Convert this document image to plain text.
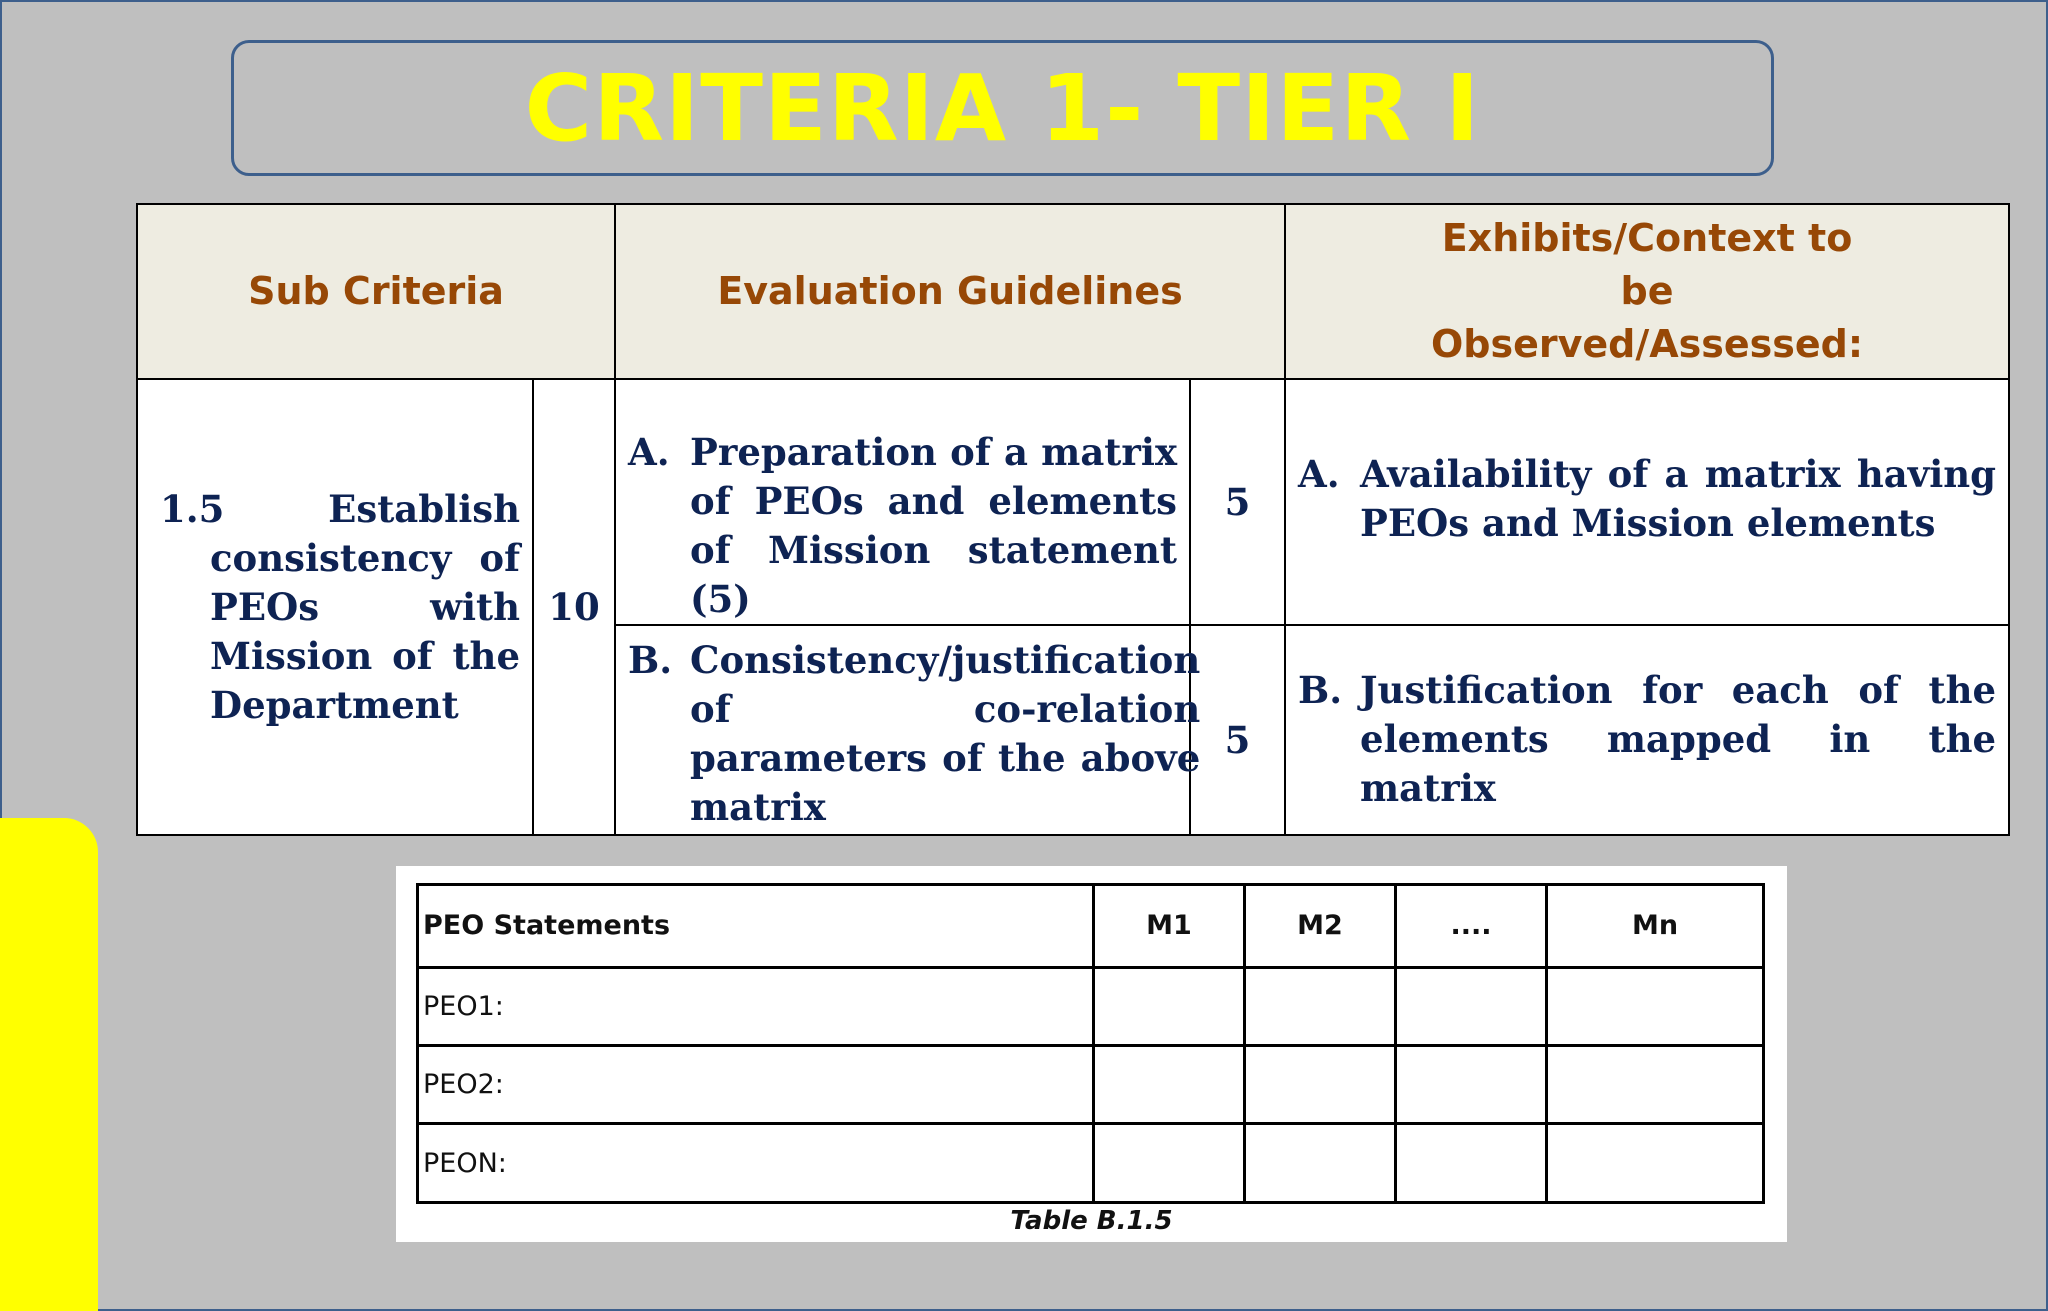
CRITERIA 1- TIER I
Sub Criteria		Evaluation Guidelines		Exhibits/Context to be Observed/Assessed:

1.5 Establish consistency of PEOs with Mission of the Department	10	A. Preparation of a matrix of PEOs and elements of Mission statement (5)	5	A. Availability of a matrix having PEOs and Mission elements

		B. Consistency/justification of co-relation parameters of the above matrix	5	B. Justification for each of the elements mapped in the matrix
PEO Statements	M1	M2	....	Mn
PEO1:				
PEO2:				
PEON:				
Table B.1.5
